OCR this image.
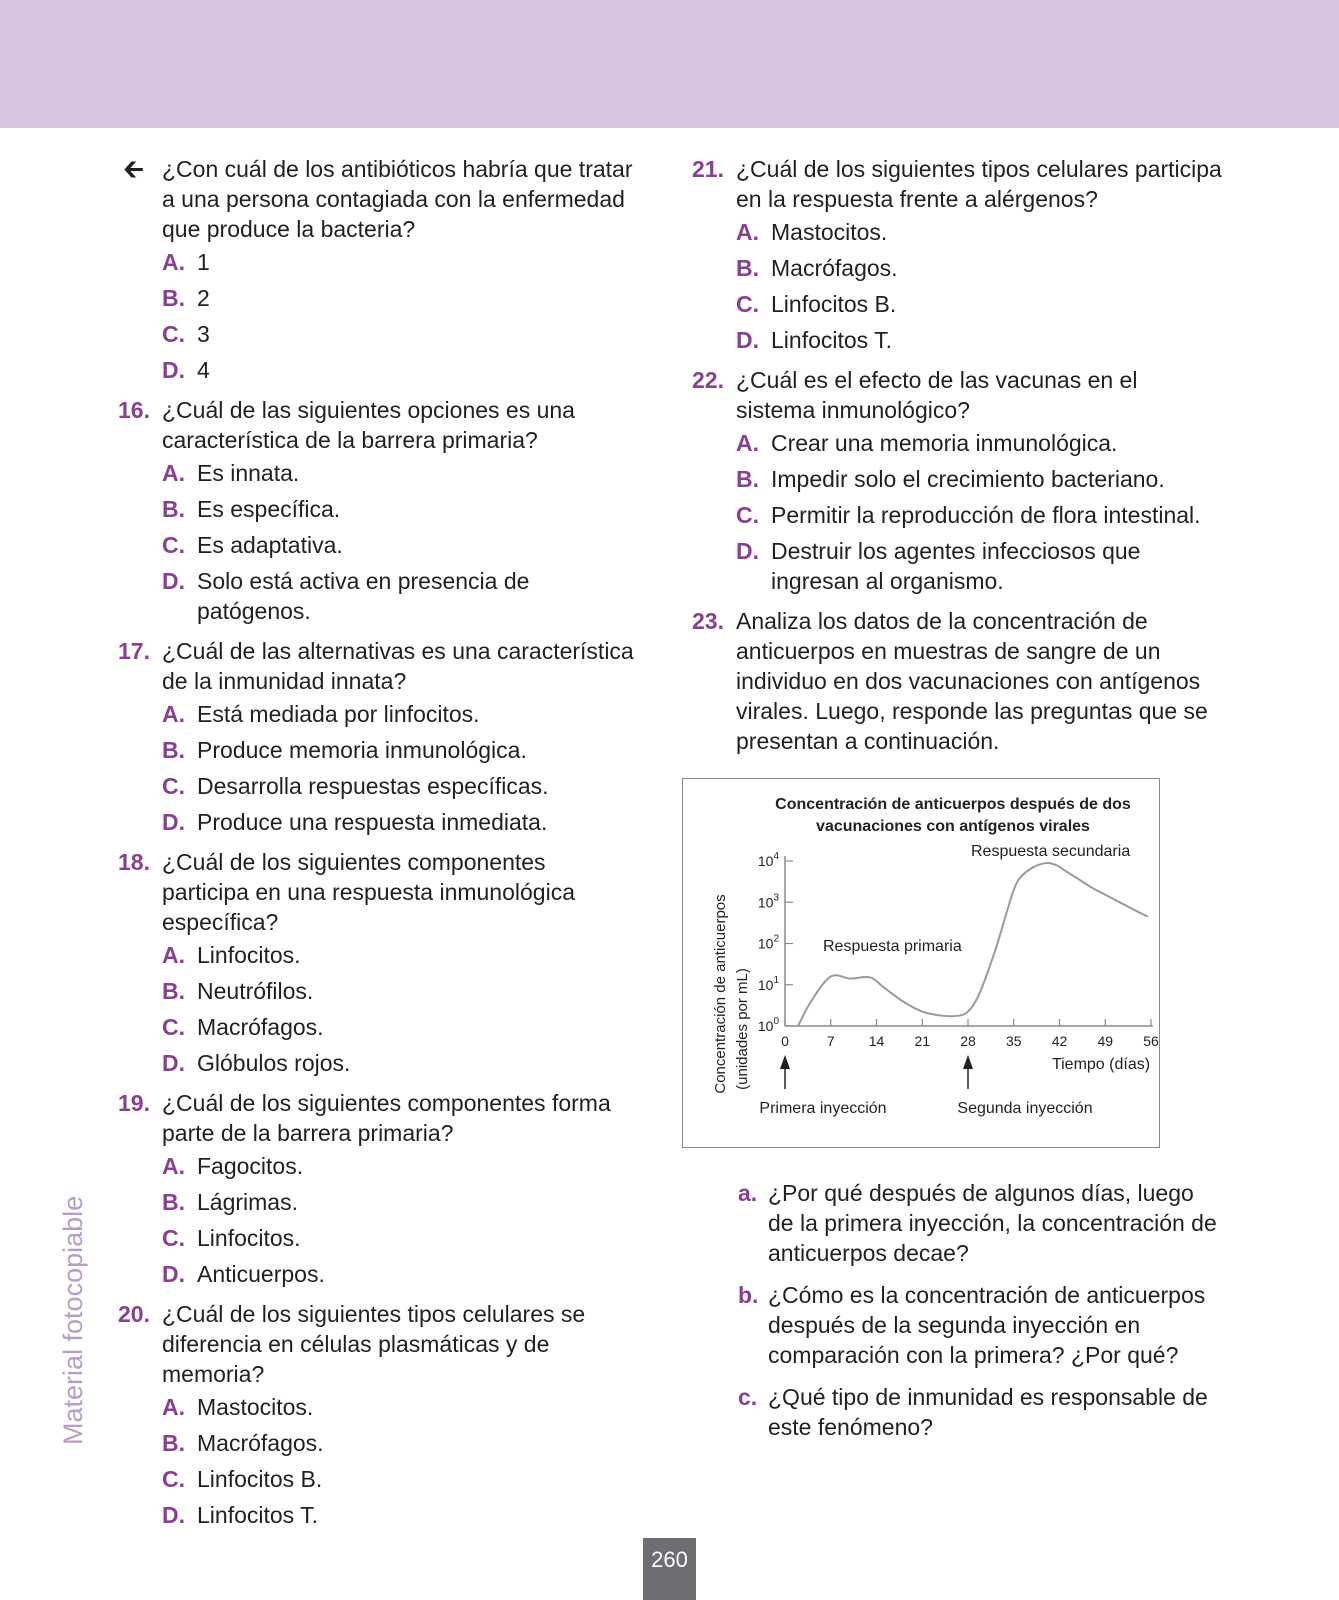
🡰 ¿Con cuál de los antibióticos habría que tratar a una persona contagiada con la enfermedad que produce la bacteria?
A. 1
B. 2
C. 3
D. 4
16. ¿Cuál de las siguientes opciones es una característica de la barrera primaria?
A. Es innata.
B. Es específica.
C. Es adaptativa.
D. Solo está activa en presencia de patógenos.
17. ¿Cuál de las alternativas es una característica de la inmunidad innata?
A. Está mediada por linfocitos.
B. Produce memoria inmunológica.
C. Desarrolla respuestas específicas.
D. Produce una respuesta inmediata.
18. ¿Cuál de los siguientes componentes participa en una respuesta inmunológica específica?
A. Linfocitos.
B. Neutrófilos.
C. Macrófagos.
D. Glóbulos rojos.
19. ¿Cuál de los siguientes componentes forma parte de la barrera primaria?
A. Fagocitos.
B. Lágrimas.
C. Linfocitos.
D. Anticuerpos.
20. ¿Cuál de los siguientes tipos celulares se diferencia en células plasmáticas y de memoria?
A. Mastocitos.
B. Macrófagos.
C. Linfocitos B.
D. Linfocitos T.
21. ¿Cuál de los siguientes tipos celulares participa en la respuesta frente a alérgenos?
A. Mastocitos.
B. Macrófagos.
C. Linfocitos B.
D. Linfocitos T.
22. ¿Cuál es el efecto de las vacunas en el sistema inmunológico?
A. Crear una memoria inmunológica.
B. Impedir solo el crecimiento bacteriano.
C. Permitir la reproducción de flora intestinal.
D. Destruir los agentes infecciosos que ingresan al organismo.
23. Analiza los datos de la concentración de anticuerpos en muestras de sangre de un individuo en dos vacunaciones con antígenos virales. Luego, responde las preguntas que se presentan a continuación.
Concentración de anticuerpos después de dos
vacunaciones con antígenos virales
Concentración de anticuerpos (unidades por mL)	Tiempo (días)
Respuesta primaria
Respuesta secundaria
Primera inyección	Segunda inyección
$10^0$
$10^1$
$10^2$
$10^3$
$10^4$
0	7 14 21 28 35 42 49 56
a. ¿Por qué después de algunos días, luego de la primera inyección, la concentración de anticuerpos decae?
b. ¿Cómo es la concentración de anticuerpos después de la segunda inyección en comparación con la primera? ¿Por qué?
c. ¿Qué tipo de inmunidad es responsable de este fenómeno?
Material fotocopiable
260
